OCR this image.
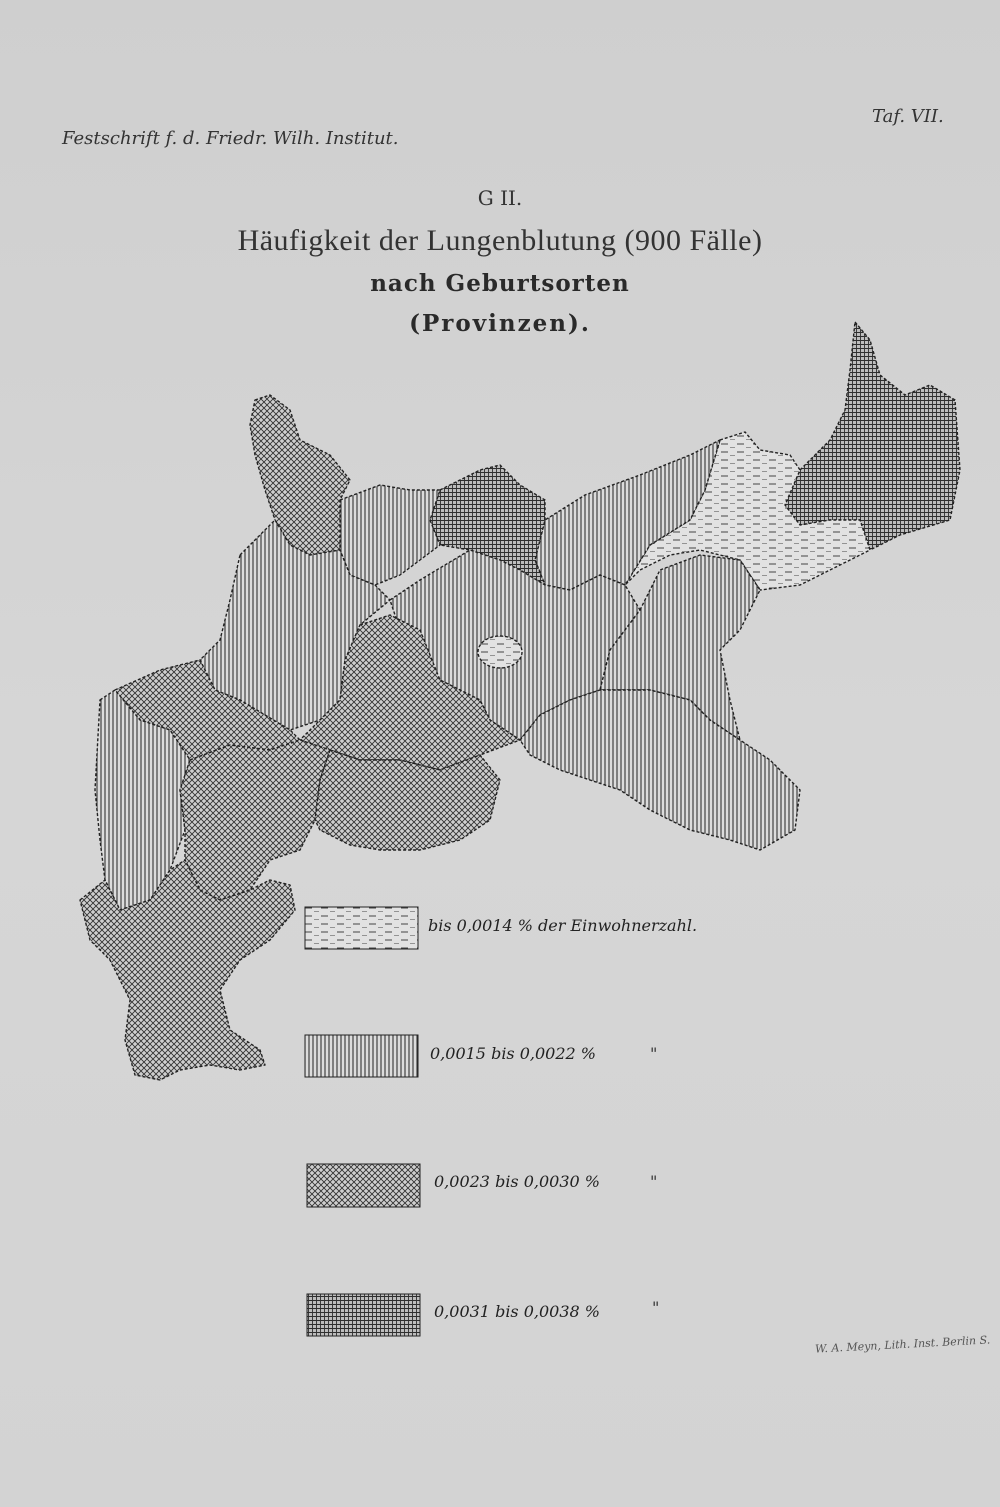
Festschrift f. d. Friedr. Wilh. Institut.
Taf. VII.
G II.
Häufigkeit der Lungenblutung (900 Fälle)
nach Geburtsorten
(Provinzen).
bis 0,0014 % der Einwohnerzahl.
0,0015 bis 0,0022 %	"
0,0023 bis 0,0030 %	"
0,0031 bis 0,0038 %	"
W. A. Meyn, Lith. Inst. Berlin S.
